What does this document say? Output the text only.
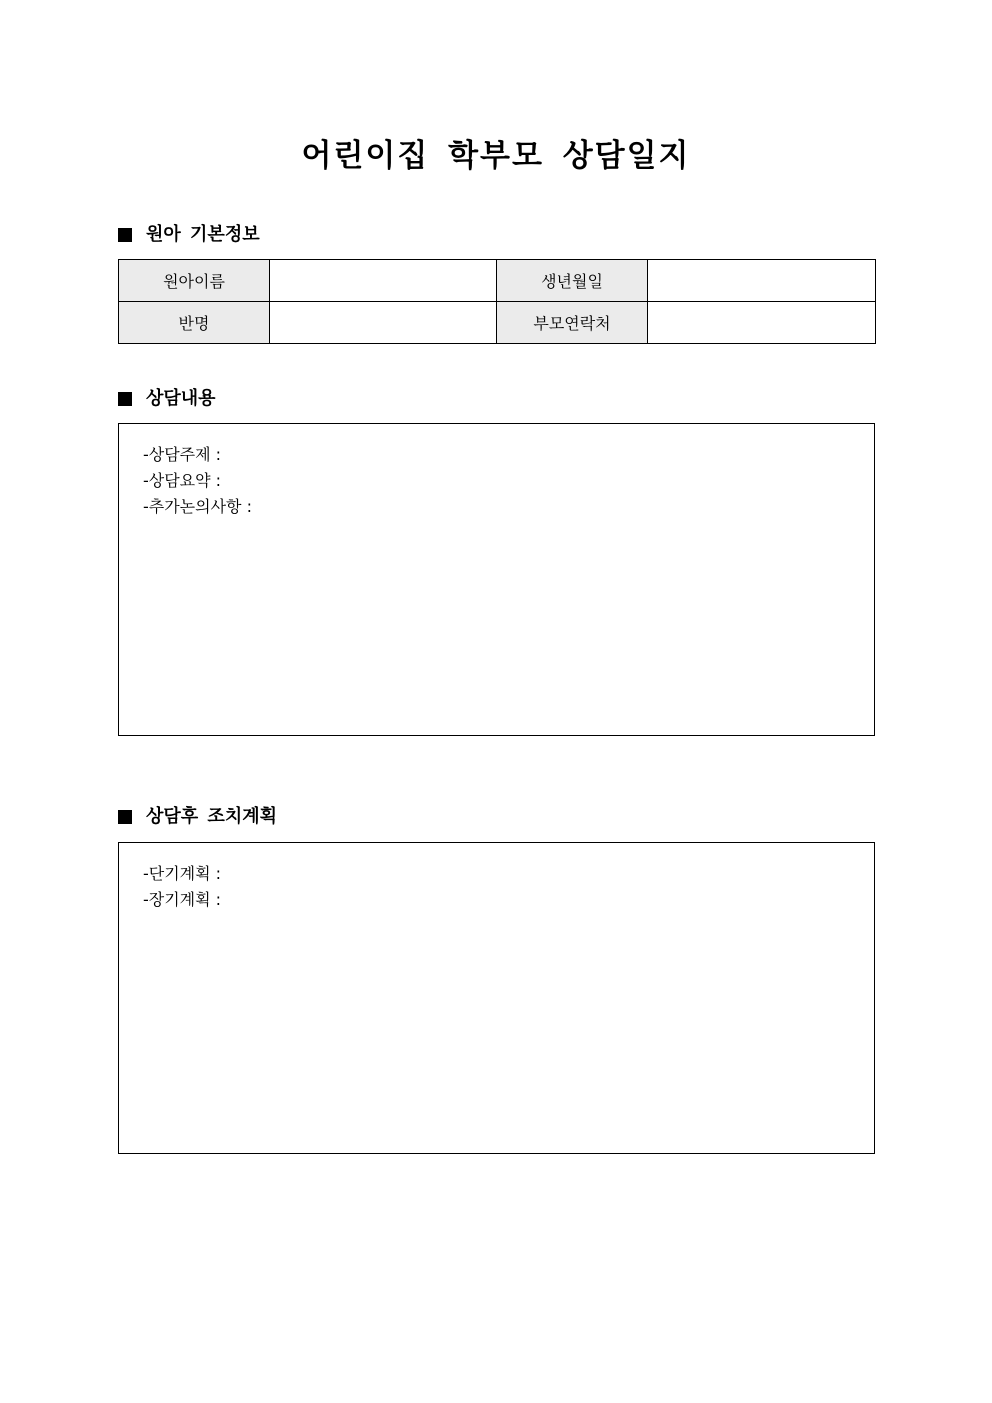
어린이집 학부모 상담일지
원아 기본정보
원아이름		생년월일	
반명		부모연락처	
상담내용
-상담주제 :
-상담요약 :
-추가논의사항 :
상담후 조치계획
-단기계획 :
-장기계획 :
